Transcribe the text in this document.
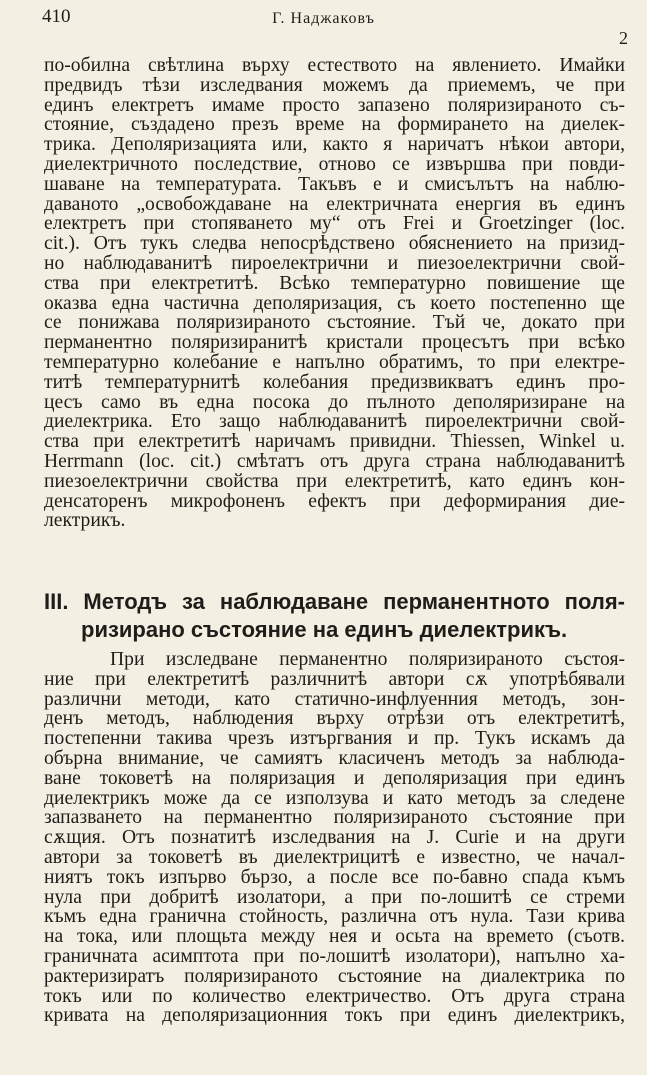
410	Г. Наджаковъ
2
по-обилна свѣтлина върху естеството на явлението. Имайки
предвидъ тѣзи изследвания можемъ да приемемъ, че при
единъ електретъ имаме просто запазено поляризираното съ-
стояние, създадено презъ време на формирането на диелек-
трика. Деполяризацията или, както я наричатъ нѣкои автори,
диелектричното последствие, отново се извършва при повди-
шаване на температурата. Такъвъ е и смисълътъ на наблю-
даваното „освобождаване на електричната енергия въ единъ
електретъ при стопяването му“ отъ Frei и Groetzinger (loc.
cit.). Отъ тукъ следва непосрѣдствено обяснението на призид-
но наблюдаванитѣ пироелектрични и пиезоелектрични свой-
ства при електретитѣ. Всѣко температурно повишение ще
оказва една частична деполяризация, съ което постепенно ще
се понижава поляризираното състояние. Тъй че, докато при
перманентно поляризиранитѣ кристали процесътъ при всѣко
температурно колебание е напълно обратимъ, то при електре-
титѣ температурнитѣ колебания предизвикватъ единъ про-
цесъ само въ една посока до пълното деполяризиране на
диелектрика. Ето защо наблюдаванитѣ пироелектрични свой-
ства при електретитѣ наричамъ привидни. Thiessen, Winkel u.
Herrmann (loc. cit.) смѣтатъ отъ друга страна наблюдаванитѣ
пиезоелектрични свойства при електретитѣ, като единъ кон-
денсаторенъ микрофоненъ ефектъ при деформирания дие-
лектрикъ.
III. Методъ за наблюдаване перманентното поля-
ризирано състояние на единъ диелектрикъ.
При изследване перманентно поляризираното състоя-
ние при електретитѣ различнитѣ автори сѫ употрѣбявали
различни методи, като статично-инфлуенния методъ, зон-
денъ методъ, наблюдения върху отрѣзи отъ електретитѣ,
постепенни такива чрезъ изтъргвания и пр. Тукъ искамъ да
обърна внимание, че самиятъ класиченъ методъ за наблюда-
ване токоветѣ на поляризация и деполяризация при единъ
диелектрикъ може да се използува и като методъ за следене
запазването на перманентно поляризираното състояние при
сѫщия. Отъ познатитѣ изследвания на J. Curie и на други
автори за токоветѣ въ диелектрицитѣ е известно, че начал-
ниятъ токъ изпърво бързо, а после все по-бавно спада къмъ
нула при добритѣ изолатори, а при по-лошитѣ се стреми
къмъ една гранична стойность, различна отъ нула. Тази крива
на тока, или площьта между нея и осьта на времето (съотв.
граничната асимптота при по-лошитѣ изолатори), напълно ха-
рактеризиратъ поляризираното състояние на диалектрика по
токъ или по количество електричество. Отъ друга страна
кривата на деполяризационния токъ при единъ диелектрикъ,
